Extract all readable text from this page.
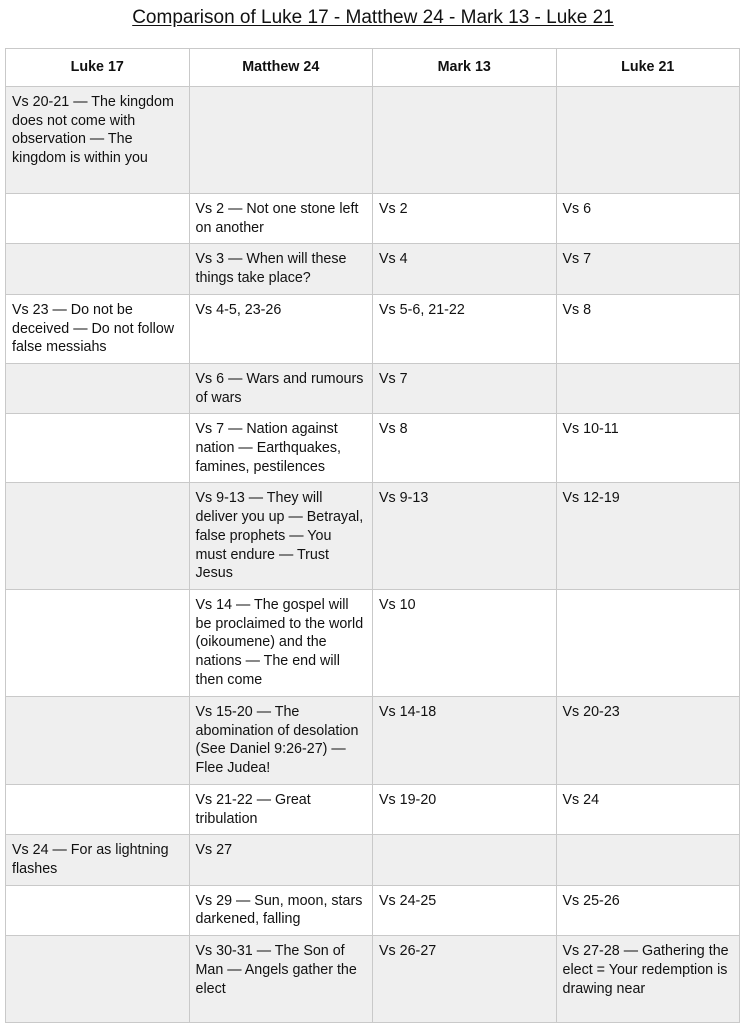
Comparison of Luke 17 - Matthew 24 - Mark 13 - Luke 21
Luke 17	Matthew 24	Mark 13	Luke 21
Vs 20-21 — The kingdom does not come with observation — The kingdom is within you			
	Vs 2 — Not one stone left on another	Vs 2	Vs 6
	Vs 3 — When will these things take place?	Vs 4	Vs 7
Vs 23 — Do not be deceived — Do not follow false messiahs	Vs 4-5, 23-26	Vs 5-6, 21-22	Vs 8
	Vs 6 — Wars and rumours of wars	Vs 7	
	Vs 7 — Nation against nation — Earthquakes, famines, pestilences	Vs 8	Vs 10-11
	Vs 9-13 — They will deliver you up — Betrayal, false prophets — You must endure — Trust Jesus	Vs 9-13	Vs 12-19
	Vs 14 — The gospel will be proclaimed to the world (oikoumene) and the nations — The end will then come	Vs 10	
	Vs 15-20 — The abomination of desolation (See Daniel 9:26-27) — Flee Judea!	Vs 14-18	Vs 20-23
	Vs 21-22 — Great tribulation	Vs 19-20	Vs 24
Vs 24 — For as lightning flashes	Vs 27		
	Vs 29 — Sun, moon, stars darkened, falling	Vs 24-25	Vs 25-26
	Vs 30-31 — The Son of Man — Angels gather the elect	Vs 26-27	Vs 27-28 — Gathering the elect = Your redemption is drawing near
